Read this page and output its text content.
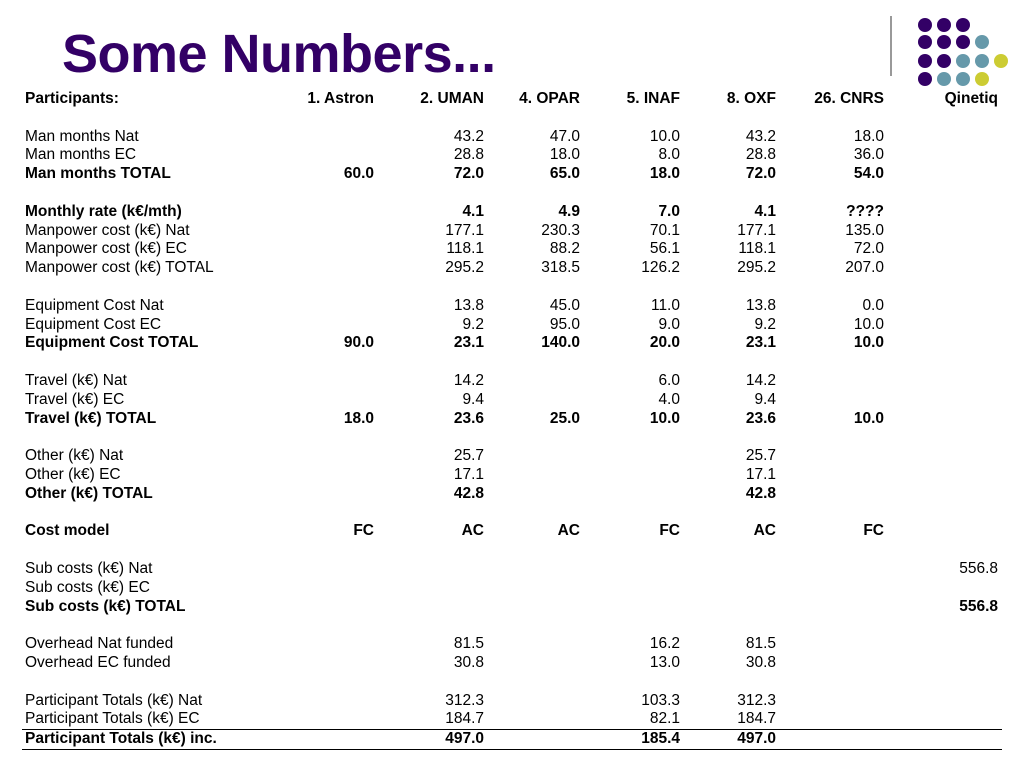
Some Numbers...
Participants:	1. Astron	2. UMAN	4. OPAR	5. INAF	8. OXF	26. CNRS	Qinetiq

Man months Nat		43.2	47.0	10.0	43.2	18.0	
Man months EC		28.8	18.0	8.0	28.8	36.0	
Man months TOTAL	60.0	72.0	65.0	18.0	72.0	54.0	

Monthly rate (k€/mth)		4.1	4.9	7.0	4.1	????	
Manpower cost (k€) Nat		177.1	230.3	70.1	177.1	135.0	
Manpower cost (k€) EC		118.1	88.2	56.1	118.1	72.0	
Manpower cost (k€) TOTAL		295.2	318.5	126.2	295.2	207.0	

Equipment Cost Nat		13.8	45.0	11.0	13.8	0.0	
Equipment Cost EC		9.2	95.0	9.0	9.2	10.0	
Equipment Cost TOTAL	90.0	23.1	140.0	20.0	23.1	10.0	

Travel (k€) Nat		14.2		6.0	14.2		
Travel (k€) EC		9.4		4.0	9.4		
Travel (k€) TOTAL	18.0	23.6	25.0	10.0	23.6	10.0	

Other (k€) Nat		25.7			25.7		
Other (k€) EC		17.1			17.1		
Other (k€) TOTAL		42.8			42.8		

Cost model	FC	AC	AC	FC	AC	FC	

Sub costs (k€) Nat							556.8
Sub costs (k€) EC							
Sub costs (k€) TOTAL							556.8

Overhead Nat funded		81.5		16.2	81.5		
Overhead EC funded		30.8		13.0	30.8		

Participant Totals (k€) Nat		312.3		103.3	312.3		
Participant Totals (k€) EC		184.7		82.1	184.7		
Participant Totals (k€) inc.		497.0		185.4	497.0		
